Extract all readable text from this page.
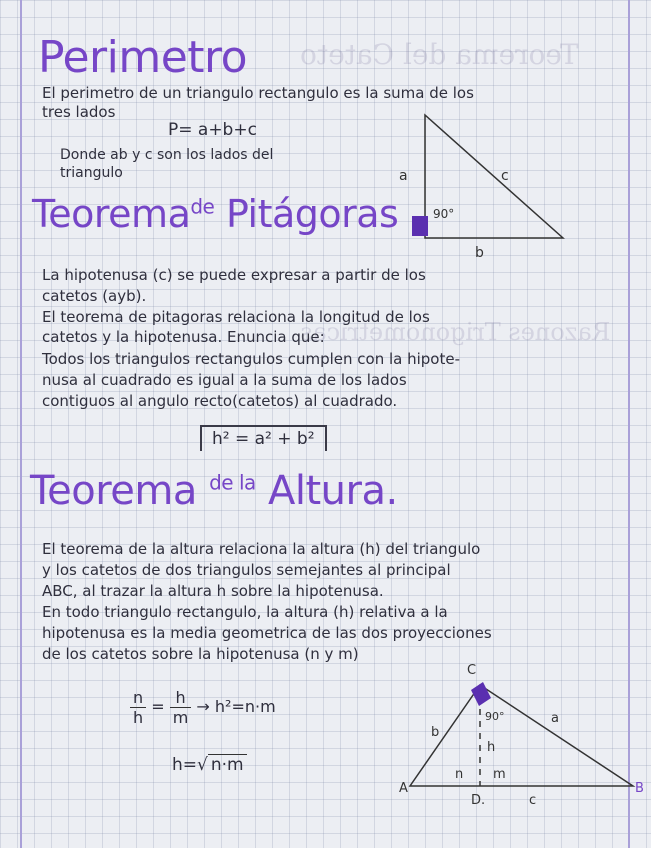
Teorema del Cateto
Razones Trigonometricas
Perimetro
El perimetro de un triangulo rectangulo es la suma de los
tres lados
P= a+b+c
Donde ab y c son los lados del
triangulo	a	c
b
90°
Teorema$^{de}$ Pitágoras
La hipotenusa (c) se puede expresar a partir de los
catetos (ayb).
El teorema de pitagoras relaciona la longitud de los
catetos y la hipotenusa. Enuncia que:
Todos los triangulos rectangulos cumplen con la hipote-
nusa al cuadrado es igual a la suma de los lados
contiguos al angulo recto(catetos) al cuadrado.
h² = a² + b²
Teorema $^{de la}$ Altura.
El teorema de la altura relaciona la altura (h) del triangulo
y los catetos de dos triangulos semejantes al principal
ABC, al trazar la altura h sobre la hipotenusa.
En todo triangulo rectangulo, la altura (h) relativa a la
hipotenusa es la media geometrica de las dos proyecciones
de los catetos sobre la hipotenusa (n y m)
$\frac{n}{h} = \frac{h}{m} \to h^2=n\cdot m$
h=√ n·m
C
A	B
D.
b
a
c
h
n m
90°
